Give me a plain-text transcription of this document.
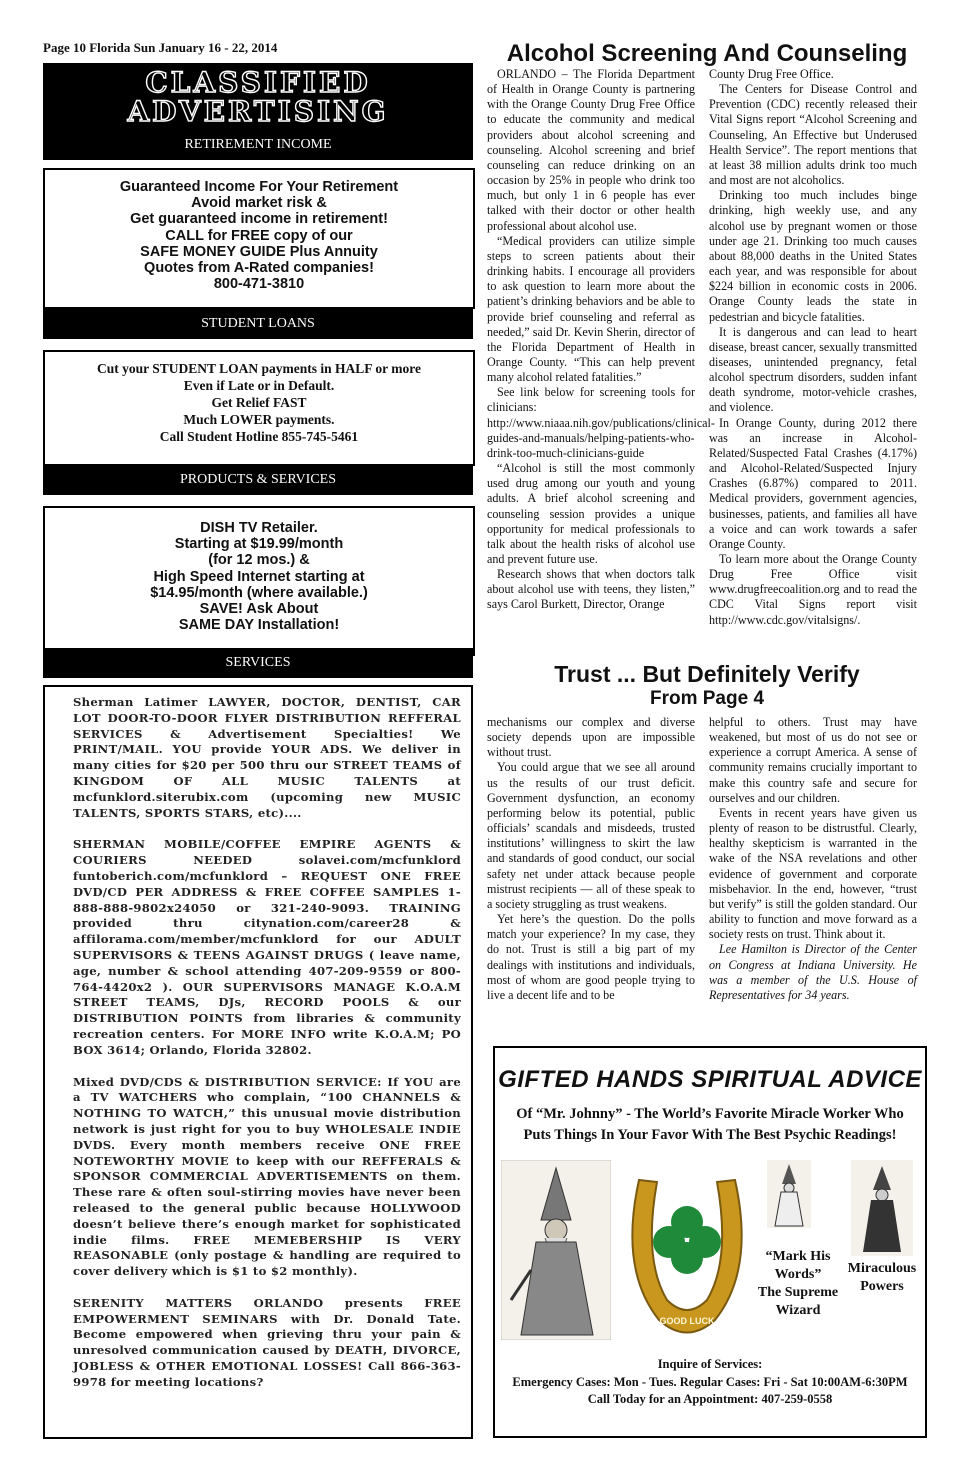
Page 10 Florida Sun January 16 - 22, 2014
CLASSIFIED
ADVERTISING
RETIREMENT INCOME
Guaranteed Income For Your Retirement
Avoid market risk &
Get guaranteed income in retirement!
CALL for FREE copy of our
SAFE MONEY GUIDE Plus Annuity
Quotes from A-Rated companies!
800-471-3810
STUDENT LOANS
Cut your STUDENT LOAN payments in HALF or more
Even if Late or in Default.
Get Relief FAST
Much LOWER payments.
Call Student Hotline 855-745-5461
PRODUCTS & SERVICES
DISH TV Retailer.
Starting at $19.99/month
(for 12 mos.) &
High Speed Internet starting at
$14.95/month (where available.)
SAVE! Ask About
SAME DAY Installation!
SERVICES

Sherman Latimer LAWYER, DOCTOR, DENTIST, CAR LOT DOOR-TO-DOOR FLYER DISTRIBUTION REFFERAL SERVICES & Advertisement Specialties! We PRINT/MAIL. YOU provide YOUR ADS. We deliver in many cities for $20 per 500 thru our STREET TEAMS of KINGDOM OF ALL MUSIC TALENTS at mcfunklord.siterubix.com (upcoming new MUSIC TALENTS, SPORTS STARS, etc)....

SHERMAN MOBILE/COFFEE EMPIRE AGENTS & COURIERS NEEDED solavei.com/mcfunklord funtoberich.com/mcfunklord – REQUEST ONE FREE DVD/CD PER ADDRESS & FREE COFFEE SAMPLES 1-888-888-9802x24050 or 321-240-9093. TRAINING provided thru citynation.com/career28 & affilorama.com/member/mcfunklord for our ADULT SUPERVISORS & TEENS AGAINST DRUGS ( leave name, age, number & school attending 407-209-9559 or 800-764-4420x2 ). OUR SUPERVISORS MANAGE K.O.A.M STREET TEAMS, DJs, RECORD POOLS & our DISTRIBUTION POINTS from libraries & community recreation centers. For MORE INFO write K.O.A.M; PO BOX 3614; Orlando, Florida 32802.

Mixed DVD/CDS & DISTRIBUTION SERVICE: If YOU are a TV WATCHERS who complain, “100 CHANNELS & NOTHING TO WATCH,” this unusual movie distribution network is just right for you to buy WHOLESALE INDIE DVDS. Every month members receive ONE FREE NOTEWORTHY MOVIE to keep with our REFFERALS & SPONSOR COMMERCIAL ADVERTISEMENTS on them. These rare & often soul-stirring movies have never been released to the general public because HOLLYWOOD doesn’t believe there’s enough market for sophisticated indie films. FREE MEMEBERSHIP IS VERY REASONABLE (only postage & handling are required to cover delivery which is $1 to $2 monthly).

SERENITY MATTERS ORLANDO presents FREE EMPOWERMENT SEMINARS with Dr. Donald Tate. Become empowered when grieving thru your pain & unresolved communication caused by DEATH, DIVORCE, JOBLESS & OTHER EMOTIONAL LOSSES! Call 866-363-9978 for meeting locations?

Alcohol Screening And Counseling

ORLANDO – The Florida Department of Health in Orange County is partnering with the Orange County Drug Free Office to educate the community and medical providers about alcohol screening and counseling. Alcohol screening and brief counseling can reduce drinking on an occasion by 25% in people who drink too much, but only 1 in 6 people has ever talked with their doctor or other health professional about alcohol use.

“Medical providers can utilize simple steps to screen patients about their drinking habits. I encourage all providers to ask question to learn more about the patient’s drinking behaviors and be able to provide brief counseling and referral as needed,” said Dr. Kevin Sherin, director of the Florida Department of Health in Orange County. “This can help prevent many alcohol related fatalities.”

See link below for screening tools for clinicians: http://www.niaaa.nih.gov/publications/clinical-guides-and-manuals/helping-patients-who-drink-too-much-clinicians-guide

“Alcohol is still the most commonly used drug among our youth and young adults. A brief alcohol screening and counseling session provides a unique opportunity for medical professionals to talk about the health risks of alcohol use and prevent future use.

Research shows that when doctors talk about alcohol use with teens, they listen,” says Carol Burkett, Director, Orange

County Drug Free Office.

The Centers for Disease Control and Prevention (CDC) recently released their Vital Signs report “Alcohol Screening and Counseling, An Effective but Underused Health Service”. The report mentions that at least 38 million adults drink too much and most are not alcoholics.

Drinking too much includes binge drinking, high weekly use, and any alcohol use by pregnant women or those under age 21. Drinking too much causes about 88,000 deaths in the United States each year, and was responsible for about $224 billion in economic costs in 2006. Orange County leads the state in pedestrian and bicycle fatalities.

It is dangerous and can lead to heart disease, breast cancer, sexually transmitted diseases, unintended pregnancy, fetal alcohol spectrum disorders, sudden infant death syndrome, motor-vehicle crashes, and violence.

In Orange County, during 2012 there was an increase in Alcohol-Related/Suspected Fatal Crashes (4.17%) and Alcohol-Related/Suspected Injury Crashes (6.87%) compared to 2011. Medical providers, government agencies, businesses, patients, and families all have a voice and can work towards a safer Orange County.

To learn more about the Orange County Drug Free Office visit www.drugfreecoalition.org and to read the CDC Vital Signs report visit http://www.cdc.gov/vitalsigns/.

Trust ... But Definitely Verify
From Page 4

mechanisms our complex and diverse society depends upon are impossible without trust.

You could argue that we see all around us the results of our trust deficit. Government dysfunction, an economy performing below its potential, public officials’ scandals and misdeeds, trusted institutions’ willingness to skirt the law and standards of good conduct, our social safety net under attack because people mistrust recipients — all of these speak to a society struggling as trust weakens.

Yet here’s the question. Do the polls match your experience? In my case, they do not. Trust is still a big part of my dealings with institutions and individuals, most of whom are good people trying to live a decent life and to be

helpful to others. Trust may have weakened, but most of us do not see or experience a corrupt America. A sense of community remains crucially important to make this country safe and secure for ourselves and our children.

Events in recent years have given us plenty of reason to be distrustful. Clearly, healthy skepticism is warranted in the wake of the NSA revelations and other evidence of government and corporate misbehavior. In the end, however, “trust but verify” is still the golden standard. Our ability to function and move forward as a society rests on trust. Think about it.

Lee Hamilton is Director of the Center on Congress at Indiana University. He was a member of the U.S. House of Representatives for 34 years.

GIFTED HANDS SPIRITUAL ADVICE
Of “Mr. Johnny” - The World’s Favorite Miracle Worker Who
Puts Things In Your Favor With The Best Psychic Readings!
GOOD LUCK
“Mark His
Words”
The Supreme
Wizard
Miraculous
Powers
Inquire of Services:
Emergency Cases: Mon - Tues. Regular Cases: Fri - Sat 10:00AM-6:30PM
Call Today for an Appointment: 407-259-0558
